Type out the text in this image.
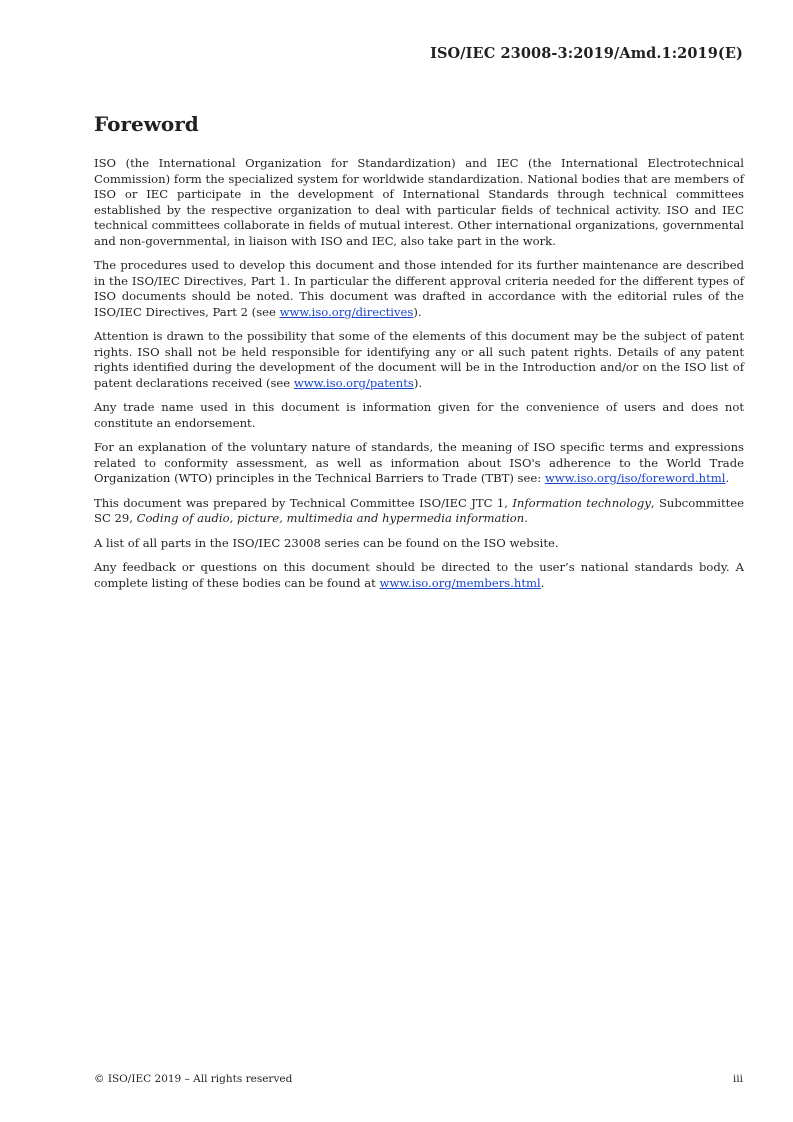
ISO/IEC 23008-3:2019/Amd.1:2019(E)
Foreword

ISO (the International Organization for Standardization) and IEC (the International Electrotechnical Commission) form the specialized system for worldwide standardization. National bodies that are members of ISO or IEC participate in the development of International Standards through technical committees established by the respective organization to deal with particular fields of technical activity. ISO and IEC technical committees collaborate in fields of mutual interest. Other international organizations, governmental and non-governmental, in liaison with ISO and IEC, also take part in the work.

The procedures used to develop this document and those intended for its further maintenance are described in the ISO/IEC Directives, Part 1. In particular the different approval criteria needed for the different types of ISO documents should be noted. This document was drafted in accordance with the editorial rules of the ISO/IEC Directives, Part 2 (see www.iso.org/directives).

Attention is drawn to the possibility that some of the elements of this document may be the subject of patent rights. ISO shall not be held responsible for identifying any or all such patent rights. Details of any patent rights identified during the development of the document will be in the Introduction and/or on the ISO list of patent declarations received (see www.iso.org/patents).

Any trade name used in this document is information given for the convenience of users and does not constitute an endorsement.

For an explanation of the voluntary nature of standards, the meaning of ISO specific terms and expressions related to conformity assessment, as well as information about ISO's adherence to the World Trade Organization (WTO) principles in the Technical Barriers to Trade (TBT) see: www.iso.org/iso/foreword.html.

This document was prepared by Technical Committee ISO/IEC JTC 1, Information technology, Subcommittee SC 29, Coding of audio, picture, multimedia and hypermedia information.

A list of all parts in the ISO/IEC 23008 series can be found on the ISO website.

Any feedback or questions on this document should be directed to the user’s national standards body. A complete listing of these bodies can be found at www.iso.org/members.html.

© ISO/IEC 2019 – All rights reserved	iii
